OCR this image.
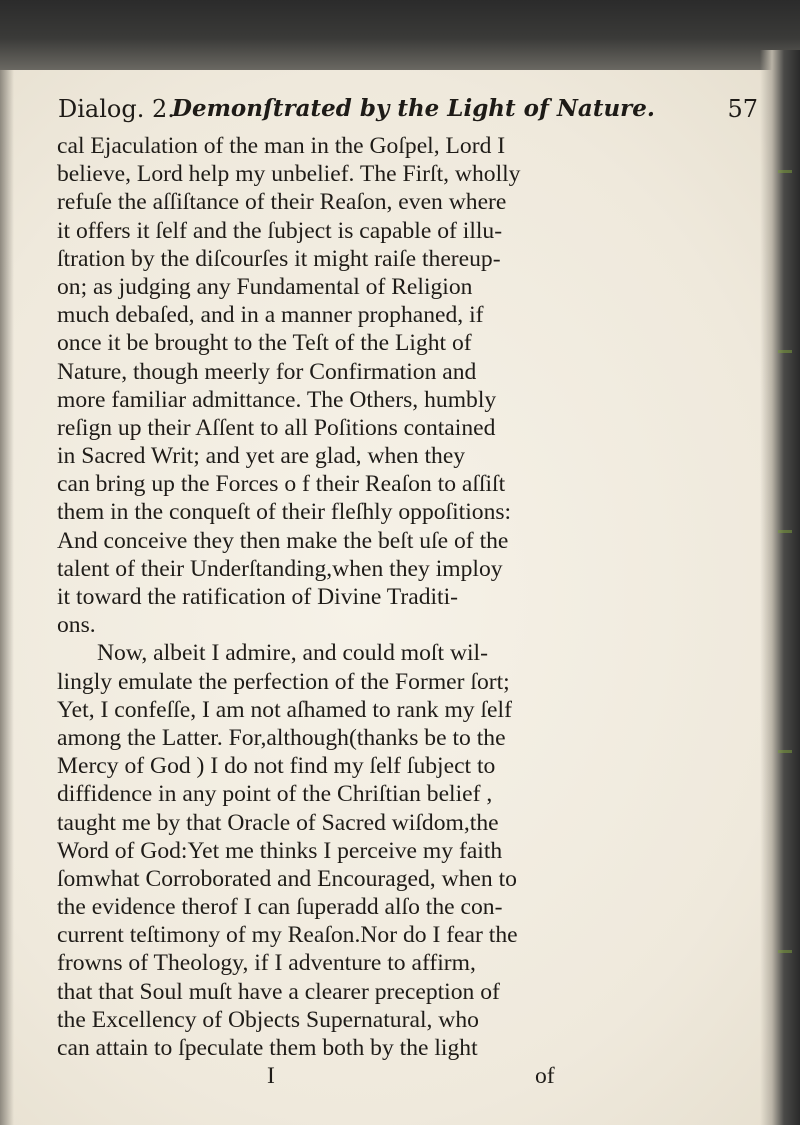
Dialog. 2.
Demonſtrated by the Light of Nature.	57
cal Ejaculation of the man in the Goſpel, Lord I
believe, Lord help my unbelief. The Firſt, wholly
refuſe the aſſiſtance of their Reaſon, even where
it offers it ſelf and the ſubject is capable of illu-
ſtration by the diſcourſes it might raiſe thereup-
on; as judging any Fundamental of Religion
much debaſed, and in a manner prophaned, if
once it be brought to the Teſt of the Light of
Nature, though meerly for Confirmation and
more familiar admittance. The Others, humbly
reſign up their Aſſent to all Poſitions contained
in Sacred Writ; and yet are glad, when they
can bring up the Forces o f their Reaſon to aſſiſt
them in the conqueſt of their fleſhly oppoſitions:
And conceive they then make the beſt uſe of the
talent of their Underſtanding,when they imploy
it toward the ratification of Divine Traditi-
ons.
Now, albeit I admire, and could moſt wil-
lingly emulate the perfection of the Former ſort;
Yet, I confeſſe, I am not aſhamed to rank my ſelf
among the Latter. For,although(thanks be to the
Mercy of God ) I do not find my ſelf ſubject to
diffidence in any point of the Chriſtian belief ,
taught me by that Oracle of Sacred wiſdom,the
Word of God:Yet me thinks I perceive my faith
ſomwhat Corroborated and Encouraged, when to
the evidence therof I can ſuperadd alſo the con-
current teſtimony of my Reaſon.Nor do I fear the
frowns of Theology, if I adventure to affirm,
that that Soul muſt have a clearer preception of
the Excellency of Objects Supernatural, who
can attain to ſpeculate them both by the light
I	of
